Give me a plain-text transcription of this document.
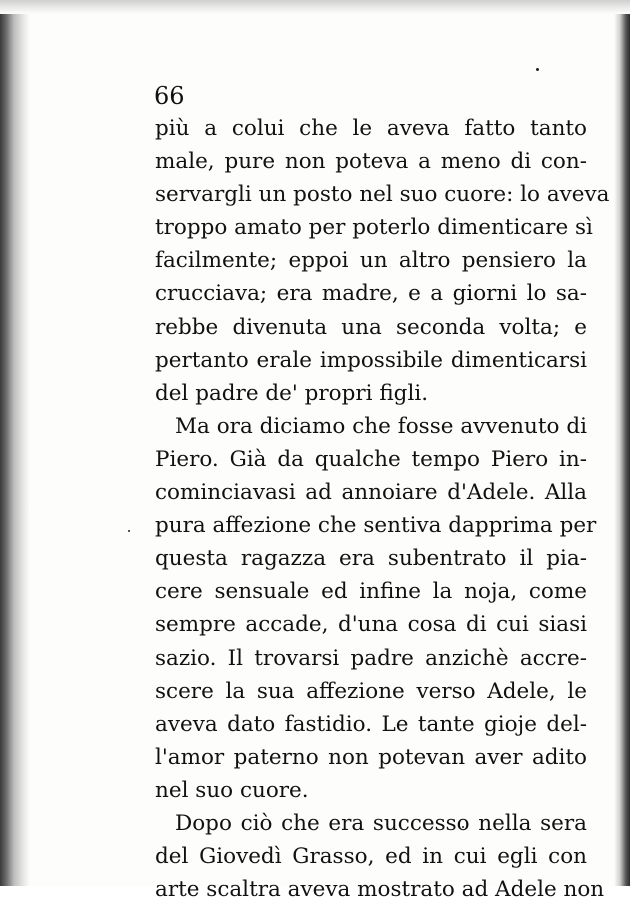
66
più a colui che le aveva fatto tanto
male, pure non poteva a meno di con-
servargli un posto nel suo cuore: lo aveva
troppo amato per poterlo dimenticare sì
facilmente; eppoi un altro pensiero la
crucciava; era madre, e a giorni lo sa-
rebbe divenuta una seconda volta; e
pertanto erale impossibile dimenticarsi
del padre de' propri figli.
Ma ora diciamo che fosse avvenuto di
Piero. Già da qualche tempo Piero in-
cominciavasi ad annoiare d'Adele. Alla
pura affezione che sentiva dapprima per
questa ragazza era subentrato il pia-
cere sensuale ed infine la noja, come
sempre accade, d'una cosa di cui siasi
sazio. Il trovarsi padre anzichè accre-
scere la sua affezione verso Adele, le
aveva dato fastidio. Le tante gioje del-
l'amor paterno non potevan aver adito
nel suo cuore.
Dopo ciò che era successo nella sera
del Giovedì Grasso, ed in cui egli con
arte scaltra aveva mostrato ad Adele non
